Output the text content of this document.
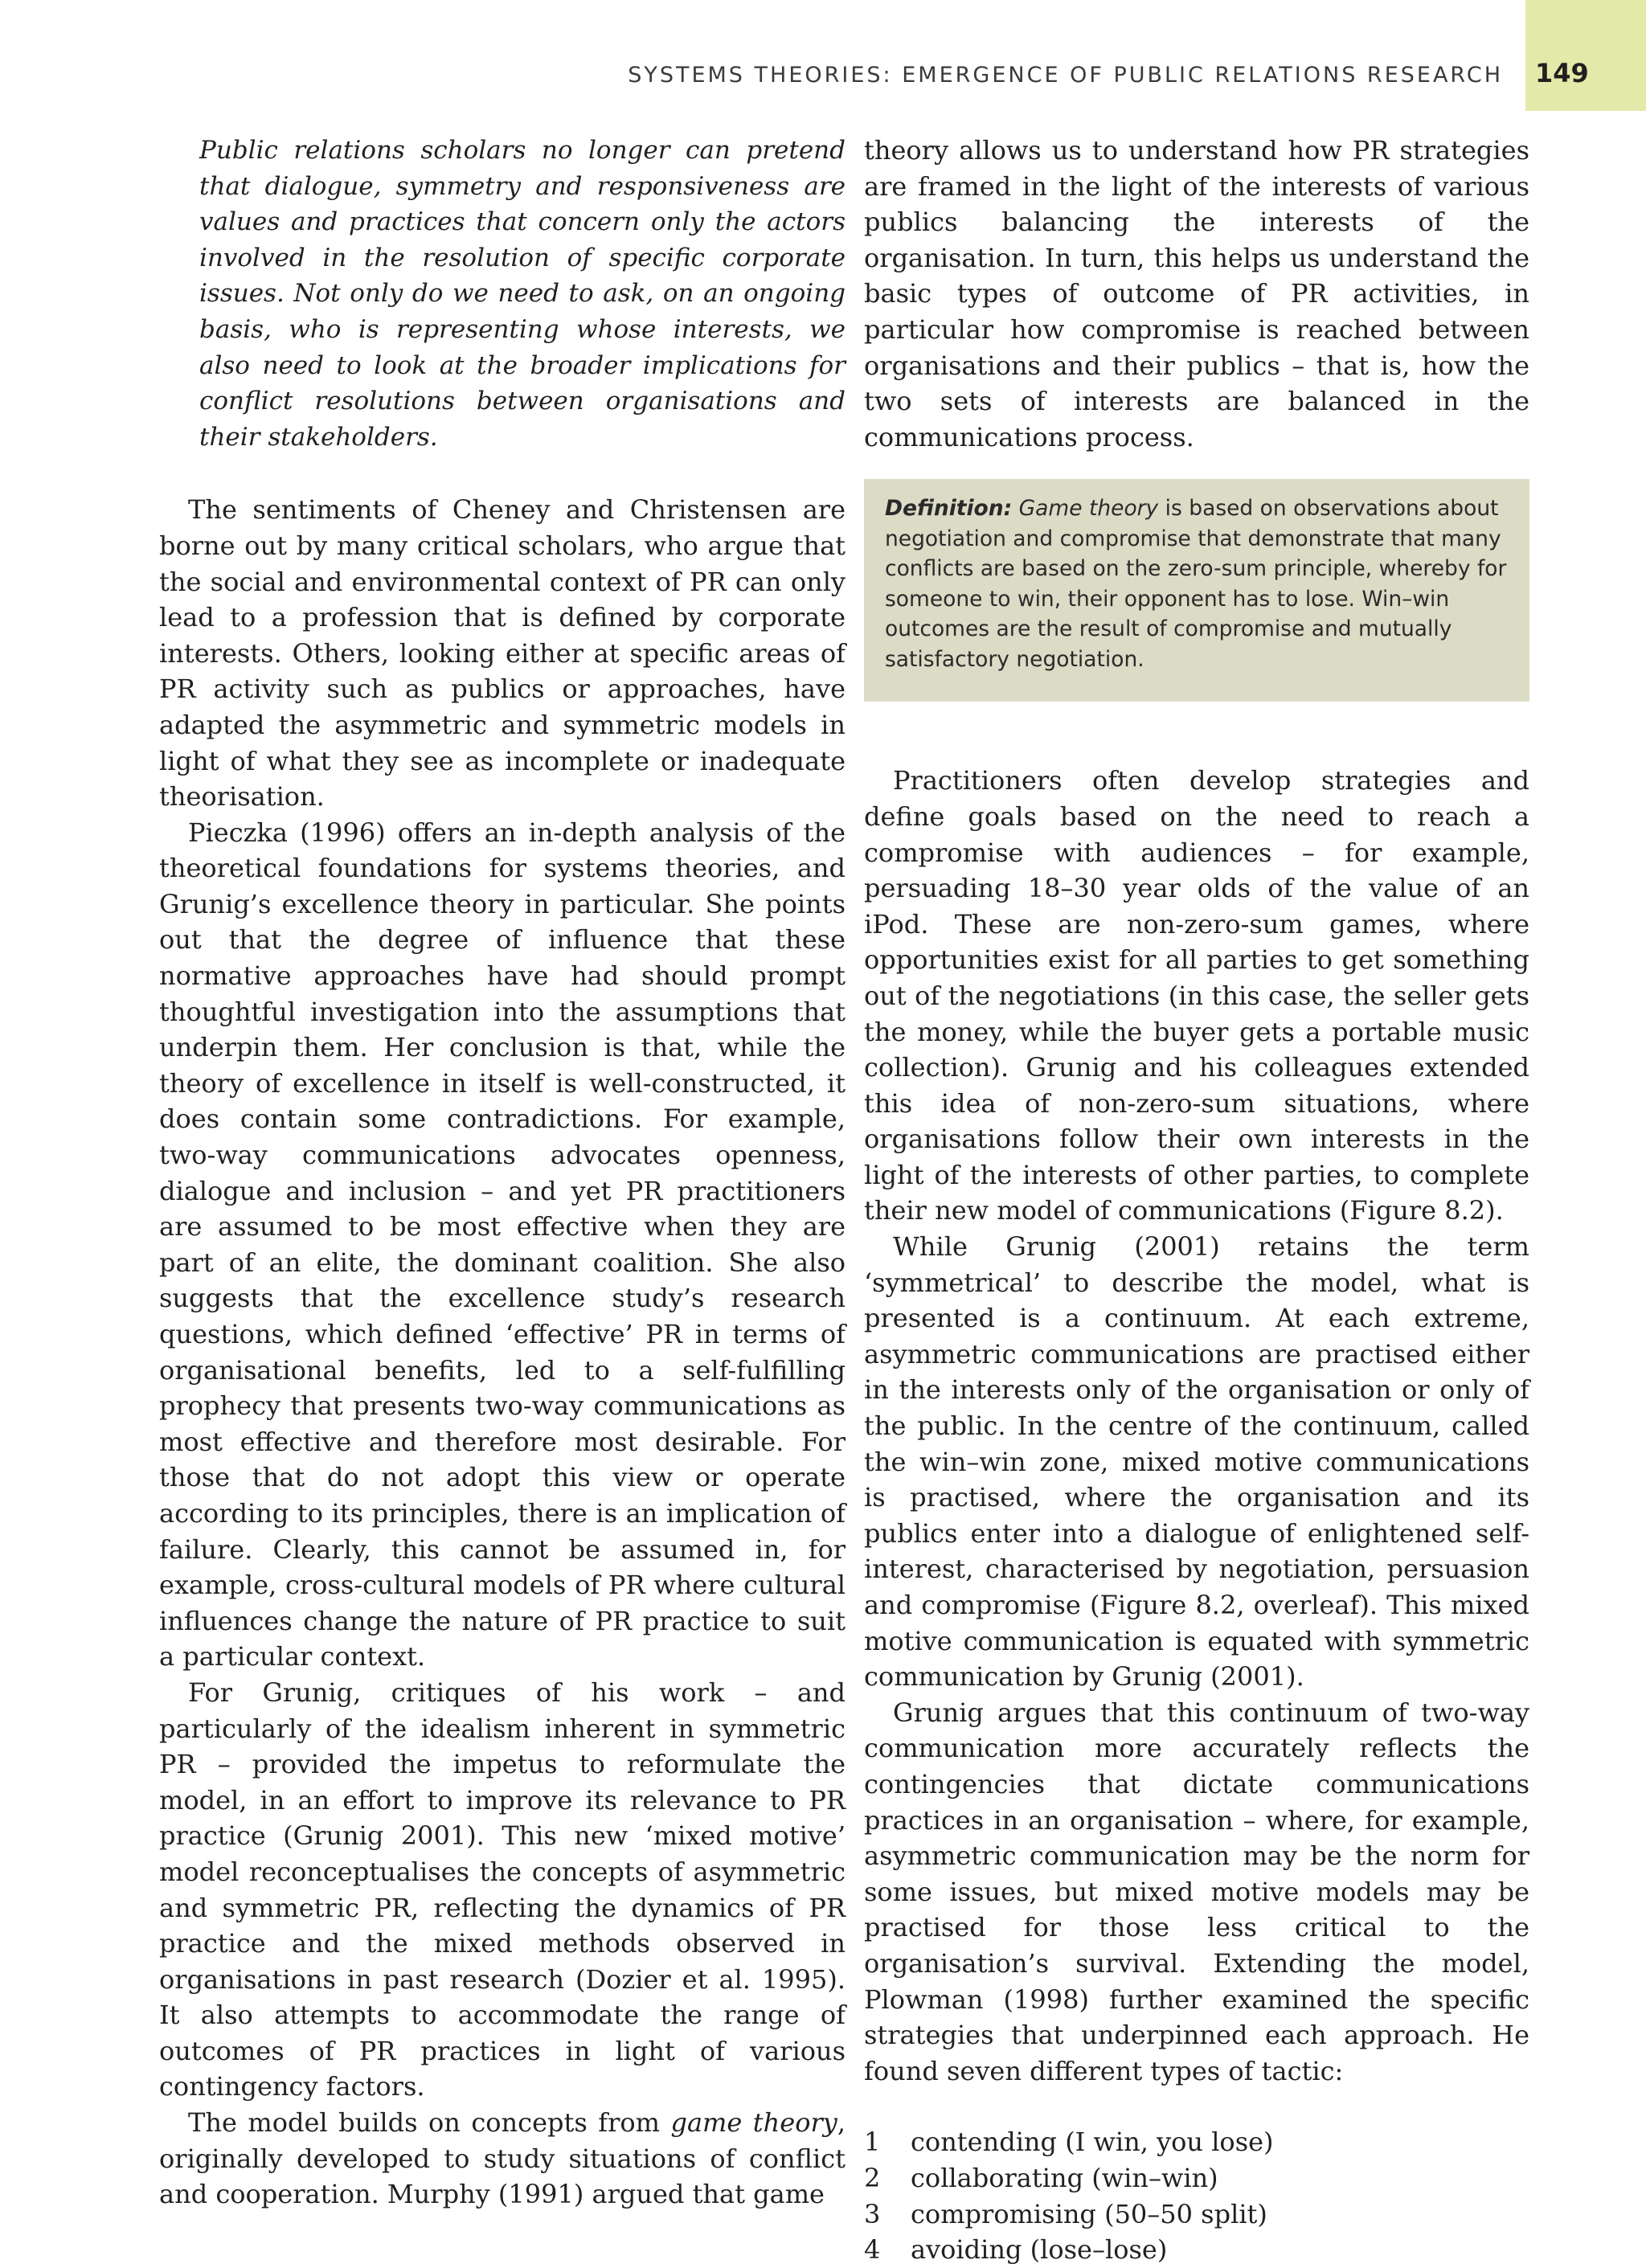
SYSTEMS THEORIES: EMERGENCE OF PUBLIC RELATIONS RESEARCH 149

Public relations scholars no longer can pretend that dialogue, symmetry and responsiveness are values and practices that concern only the actors involved in the resolution of specific corporate issues. Not only do we need to ask, on an ongoing basis, who is representing whose interests, we also need to look at the broader implications for conflict resolutions between organisations and their stakeholders.

The sentiments of Cheney and Christensen are borne out by many critical scholars, who argue that the social and environmental context of PR can only lead to a profession that is defined by corporate interests. Others, looking either at specific areas of PR activity such as publics or approaches, have adapted the asymmetric and symmetric models in light of what they see as incomplete or inadequate theorisation.

Pieczka (1996) offers an in-depth analysis of the theoretical foundations for systems theories, and Grunig’s excellence theory in particular. She points out that the degree of influence that these normative approaches have had should prompt thoughtful investigation into the assumptions that underpin them. Her conclusion is that, while the theory of excellence in itself is well-constructed, it does contain some contradictions. For example, two-way communications advocates openness, dialogue and inclusion – and yet PR practitioners are assumed to be most effective when they are part of an elite, the dominant coalition. She also suggests that the excellence study’s research questions, which defined ‘effective’ PR in terms of organisational benefits, led to a self-fulfilling prophecy that presents two-way communications as most effective and therefore most desirable. For those that do not adopt this view or operate according to its principles, there is an implication of failure. Clearly, this cannot be assumed in, for example, cross-cultural models of PR where cultural influences change the nature of PR practice to suit a particular context.

For Grunig, critiques of his work – and particularly of the idealism inherent in symmetric PR – provided the impetus to reformulate the model, in an effort to improve its relevance to PR practice (Grunig 2001). This new ‘mixed motive’ model reconceptualises the concepts of asymmetric and symmetric PR, reflecting the dynamics of PR practice and the mixed methods observed in organisations in past research (Dozier et al. 1995). It also attempts to accommodate the range of outcomes of PR practices in light of various contingency factors.

The model builds on concepts from game theory, originally developed to study situations of conflict and cooperation. Murphy (1991) argued that game

theory allows us to understand how PR strategies are framed in the light of the interests of various publics balancing the interests of the organisation. In turn, this helps us understand the basic types of outcome of PR activities, in particular how compromise is reached between organisations and their publics – that is, how the two sets of interests are balanced in the communications process.

Definition: Game theory is based on observations about negotiation and compromise that demonstrate that many conflicts are based on the zero-sum principle, whereby for someone to win, their opponent has to lose. Win–win outcomes are the result of compromise and mutually satisfactory negotiation.

Practitioners often develop strategies and define goals based on the need to reach a compromise with audiences – for example, persuading 18–30 year olds of the value of an iPod. These are non-zero-sum games, where opportunities exist for all parties to get something out of the negotiations (in this case, the seller gets the money, while the buyer gets a portable music collection). Grunig and his colleagues extended this idea of non-zero-sum situations, where organisations follow their own interests in the light of the interests of other parties, to complete their new model of communications (Figure 8.2).

While Grunig (2001) retains the term ‘symmetrical’ to describe the model, what is presented is a continuum. At each extreme, asymmetric communications are practised either in the interests only of the organisation or only of the public. In the centre of the continuum, called the win–win zone, mixed motive communications is practised, where the organisation and its publics enter into a dialogue of enlightened self-interest, characterised by negotiation, persuasion and compromise (Figure 8.2, overleaf). This mixed motive communication is equated with symmetric communication by Grunig (2001).

Grunig argues that this continuum of two-way communication more accurately reflects the contingencies that dictate communications practices in an organisation – where, for example, asymmetric communication may be the norm for some issues, but mixed motive models may be practised for those less critical to the organisation’s survival. Extending the model, Plowman (1998) further examined the specific strategies that underpinned each approach. He found seven different types of tactic:

1	contending (I win, you lose)
2	collaborating (win–win)
3	compromising (50–50 split)
4	avoiding (lose–lose)
